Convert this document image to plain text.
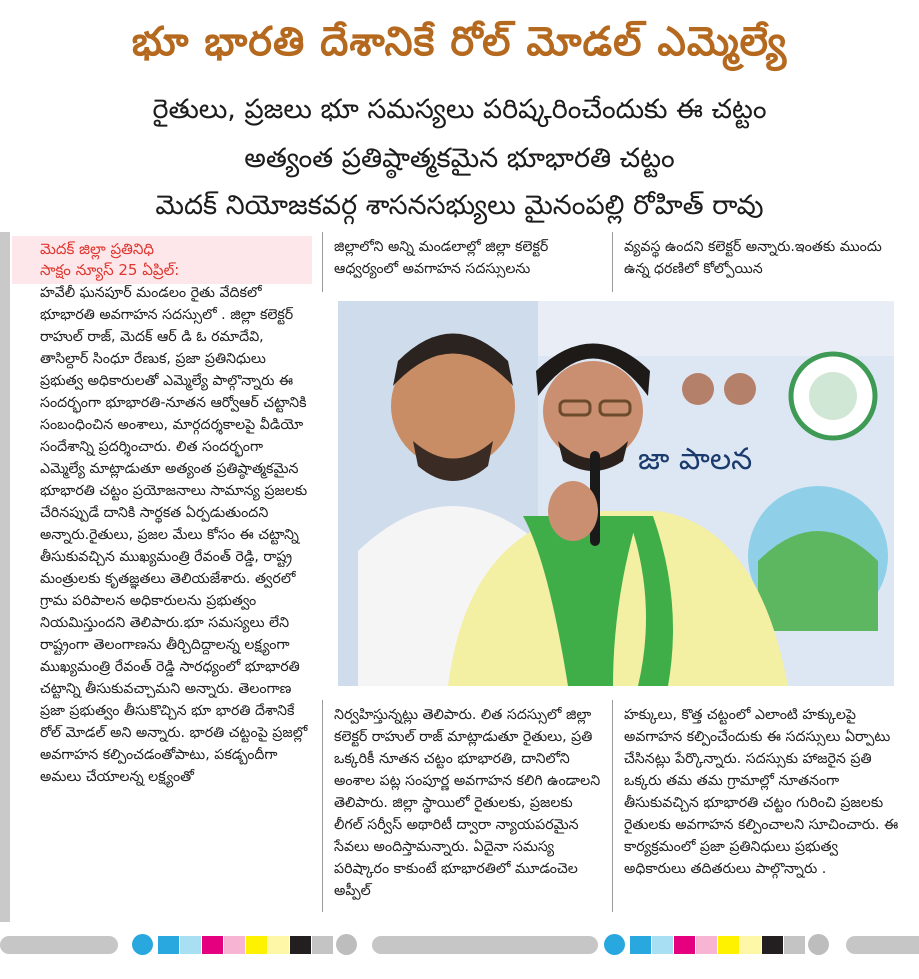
భూ భారతి దేశానికే రోల్ మోడల్ ఎమ్మెల్యే
రైతులు, ప్రజలు భూ సమస్యలు పరిష్కరించేందుకు ఈ చట్టం
అత్యంత ప్రతిష్ఠాత్మకమైన భూభారతి చట్టం
మెదక్ నియోజకవర్గ శాసనసభ్యులు మైనంపల్లి రోహిత్ రావు
మెదక్ జిల్లా ప్రతినిధి
సాక్షం న్యూస్ 25 ఏప్రిల్:

హవేలీ ఘనపూర్ మండలం రైతు వేదికలో భూభారతి అవగాహన సదస్సులో . జిల్లా కలెక్టర్ రాహుల్ రాజ్, మెదక్ ఆర్ డి ఓ రమాదేవి, తాసిల్దార్ సింధూ రేణుక, ప్రజా ప్రతినిధులు ప్రభుత్వ అధికారులతో ఎమ్మెల్యే పాల్గొన్నారు ఈ సందర్భంగా భూభారతి-నూతన ఆర్వోఆర్ చట్టానికి సంబంధించిన అంశాలు, మార్గదర్శకాలపై వీడియో సందేశాన్ని ప్రదర్శించారు. లిత సందర్భంగా ఎమ్మెల్యే మాట్లాడుతూ అత్యంత ప్రతిష్ఠాత్మకమైన భూభారతి చట్టం ప్రయోజనాలు సామాన్య ప్రజలకు చేరినప్పుడే దానికి సార్థకత ఏర్పడుతుందని అన్నారు.రైతులు, ప్రజల మేలు కోసం ఈ చట్టాన్ని తీసుకువచ్చిన ముఖ్యమంత్రి రేవంత్ రెడ్డి, రాష్ట్ర మంత్రులకు కృతజ్ఞతలు తెలియజేశారు. త్వరలో గ్రామ పరిపాలన అధికారులను ప్రభుత్వం నియమిస్తుందని తెలిపారు.భూ సమస్యలు లేని రాష్ట్రంగా తెలంగాణను తీర్చిదిద్దాలన్న లక్ష్యంగా ముఖ్యమంత్రి రేవంత్ రెడ్డి సారధ్యంలో భూభారతి చట్టాన్ని తీసుకువచ్చామని అన్నారు. తెలంగాణ ప్రజా ప్రభుత్వం తీసుకొచ్చిన భూ భారతి దేశానికే రోల్ మోడల్ అని అన్నారు. భారతి చట్టంపై ప్రజల్లో అవగాహన కల్పించడంతోపాటు, పకడ్బందీగా అమలు చేయాలన్న లక్ష్యంతో

జిల్లాలోని అన్ని మండలాల్లో జిల్లా కలెక్టర్ ఆధ్వర్యంలో అవగాహన సదస్సులను

వ్యవస్థ ఉందని కలెక్టర్ అన్నారు.ఇంతకు ముందు ఉన్న ధరణిలో కోల్పోయిన

నిర్వహిస్తున్నట్లు తెలిపారు. లిత సదస్సులో జిల్లా కలెక్టర్ రాహుల్ రాజ్ మాట్లాడుతూ రైతులు, ప్రతి ఒక్కరికీ నూతన చట్టం భూభారతి, దానిలోని అంశాల పట్ల సంపూర్ణ అవగాహన కలిగి ఉండాలని తెలిపారు. జిల్లా స్థాయిలో రైతులకు, ప్రజలకు లీగల్ సర్వీస్ అథారిటీ ద్వారా న్యాయపరమైన సేవలు అందిస్తామన్నారు. ఏదైనా సమస్య పరిష్కారం కాకుంటే భూభారతిలో మూడంచెల అప్పీల్

హక్కులు, కొత్త చట్టంలో ఎలాంటి హక్కులపై అవగాహన కల్పించేందుకు ఈ సదస్సులు ఏర్పాటు చేసినట్లు పేర్కొన్నారు. సదస్సుకు హాజరైన ప్రతి ఒక్కరు తమ తమ గ్రామాల్లో నూతనంగా తీసుకువచ్చిన భూభారతి చట్టం గురించి ప్రజలకు రైతులకు అవగాహన కల్పించాలని సూచించారు. ఈ కార్యక్రమంలో ప్రజా ప్రతినిధులు ప్రభుత్వ అధికారులు తదితరులు పాల్గొన్నారు .

జా పాలన
